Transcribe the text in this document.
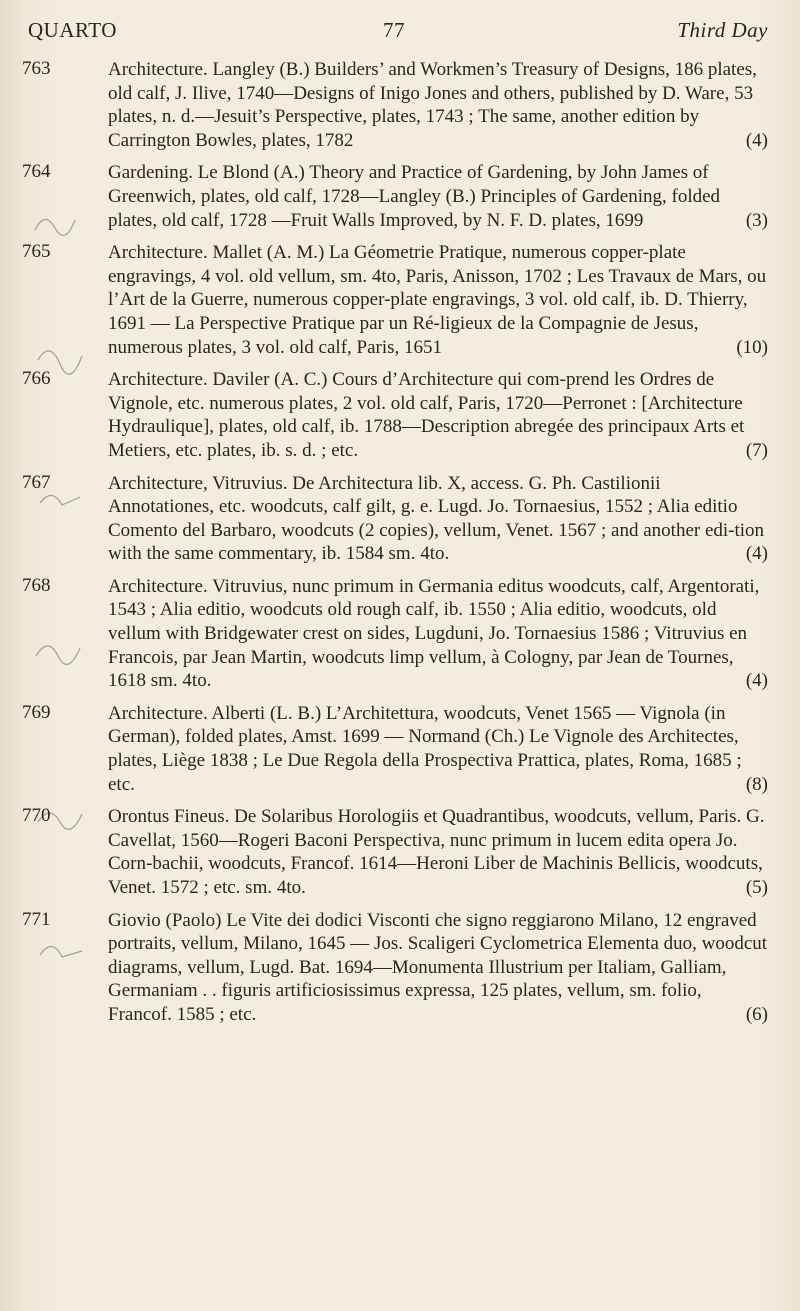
QUARTO	77	Third Day
763	Architecture. Langley (B.) Builders’ and Workmen’s Treasury of Designs, 186 plates, old calf, J. Ilive, 1740—Designs of Inigo Jones and others, published by D. Ware, 53 plates, n. d.—Jesuit’s Perspective, plates, 1743 ; The same, another edition by Carrington Bowles, plates, 1782	(4)
764	Gardening. Le Blond (A.) Theory and Practice of Gardening, by John James of Greenwich, plates, old calf, 1728—Langley (B.) Principles of Gardening, folded plates, old calf, 1728 —Fruit Walls Improved, by N. F. D. plates, 1699	(3)
765	Architecture. Mallet (A. M.) La Géometrie Pratique, numerous copper-plate engravings, 4 vol. old vellum, sm. 4to, Paris, Anisson, 1702 ; Les Travaux de Mars, ou l’Art de la Guerre, numerous copper-plate engravings, 3 vol. old calf, ib. D. Thierry, 1691 — La Perspective Pratique par un Ré-ligieux de la Compagnie de Jesus, numerous plates, 3 vol. old calf, Paris, 1651	(10)
766	Architecture. Daviler (A. C.) Cours d’Architecture qui com-prend les Ordres de Vignole, etc. numerous plates, 2 vol. old calf, Paris, 1720—Perronet : [Architecture Hydraulique], plates, old calf, ib. 1788—Description abregée des principaux Arts et Metiers, etc. plates, ib. s. d. ; etc.	(7)
767	Architecture, Vitruvius. De Architectura lib. X, access. G. Ph. Castilionii Annotationes, etc. woodcuts, calf gilt, g. e. Lugd. Jo. Tornaesius, 1552 ; Alia editio Comento del Barbaro, woodcuts (2 copies), vellum, Venet. 1567 ; and another edi-tion with the same commentary, ib. 1584 sm. 4to.	(4)
768	Architecture. Vitruvius, nunc primum in Germania editus woodcuts, calf, Argentorati, 1543 ; Alia editio, woodcuts old rough calf, ib. 1550 ; Alia editio, woodcuts, old vellum with Bridgewater crest on sides, Lugduni, Jo. Tornaesius 1586 ; Vitruvius en Francois, par Jean Martin, woodcuts limp vellum, à Cologny, par Jean de Tournes, 1618 sm. 4to.	(4)
769	Architecture. Alberti (L. B.) L’Architettura, woodcuts, Venet 1565 — Vignola (in German), folded plates, Amst. 1699 — Normand (Ch.) Le Vignole des Architectes, plates, Liège 1838 ; Le Due Regola della Prospectiva Prattica, plates, Roma, 1685 ; etc.	(8)
770	Orontus Fineus. De Solaribus Horologiis et Quadrantibus, woodcuts, vellum, Paris. G. Cavellat, 1560—Rogeri Baconi Perspectiva, nunc primum in lucem edita opera Jo. Corn-bachii, woodcuts, Francof. 1614—Heroni Liber de Machinis Bellicis, woodcuts, Venet. 1572 ; etc. sm. 4to.	(5)
771	Giovio (Paolo) Le Vite dei dodici Visconti che signo reggiarono Milano, 12 engraved portraits, vellum, Milano, 1645 — Jos. Scaligeri Cyclometrica Elementa duo, woodcut diagrams, vellum, Lugd. Bat. 1694—Monumenta Illustrium per Italiam, Galliam, Germaniam . . figuris artificiosissimus expressa, 125 plates, vellum, sm. folio, Francof. 1585 ; etc.	(6)
